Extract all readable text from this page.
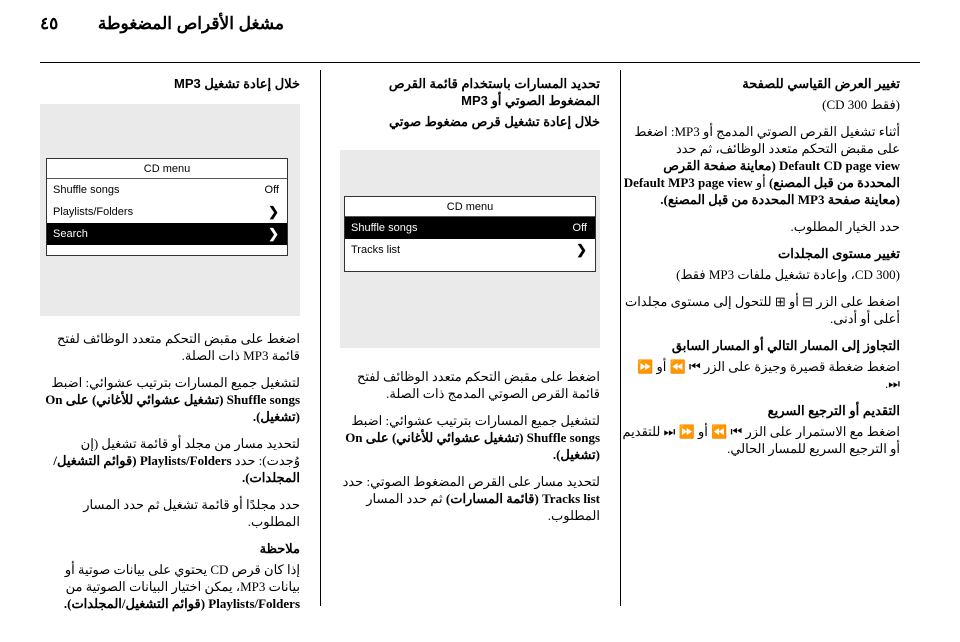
مشغل الأقراص المضغوطة
٤٥
تغيير العرض القياسي للصفحة

(فقط CD 300)

أثناء تشغيل القرص الصوتي المدمج أو MP3: اضغط على مقبض التحكم متعدد الوظائف، ثم حدد
Default CD page view (معاينة صفحة القرص المحددة من قبل المصنع) أو Default MP3 page view (معاينة صفحة MP3 المحددة من قبل المصنع).

حدد الخيار المطلوب.

تغيير مستوى المجلدات

(CD 300، وإعادة تشغيل ملفات MP3 فقط)

اضغط على الزر ⊟ أو ⊞ للتحول إلى مستوى مجلدات أعلى أو أدنى.

التجاوز إلى المسار التالي أو المسار السابق

اضغط ضغطة قصيرة وجيزة على الزر ⏮ ⏪ أو ⏩ ⏭.

التقديم أو الترجيع السريع

اضغط مع الاستمرار على الزر ⏮ ⏪ أو ⏩ ⏭ للتقديم أو الترجيع السريع للمسار الحالي.

تحديد المسارات باستخدام قائمة القرص المضغوط الصوتي أو MP3
خلال إعادة تشغيل قرص مضغوط صوتي
CD menu
Shuffle songs	Off
Tracks list	❯

اضغط على مقبض التحكم متعدد الوظائف لفتح قائمة القرص الصوتي المدمج ذات الصلة.

لتشغيل جميع المسارات بترتيب عشوائي: اضبط Shuffle songs (تشغيل عشوائي للأغاني) على On (تشغيل).

لتحديد مسار على القرص المضغوط الصوتي: حدد Tracks list (قائمة المسارات) ثم حدد المسار المطلوب.

خلال إعادة تشغيل MP3
CD menu
Shuffle songs	Off
Playlists/Folders	❯
Search	❯

اضغط على مقبض التحكم متعدد الوظائف لفتح قائمة MP3 ذات الصلة.

لتشغيل جميع المسارات بترتيب عشوائي: اضبط Shuffle songs (تشغيل عشوائي للأغاني) على On (تشغيل).

لتحديد مسار من مجلد أو قائمة تشغيل (إن وُجدت): حدد Playlists/Folders (قوائم التشغيل/المجلدات).

حدد مجلدًا أو قائمة تشغيل ثم حدد المسار المطلوب.

ملاحظة

إذا كان قرص CD يحتوي على بيانات صوتية أو بيانات MP3، يمكن اختيار البيانات الصوتية من Playlists/Folders (قوائم التشغيل/المجلدات).
